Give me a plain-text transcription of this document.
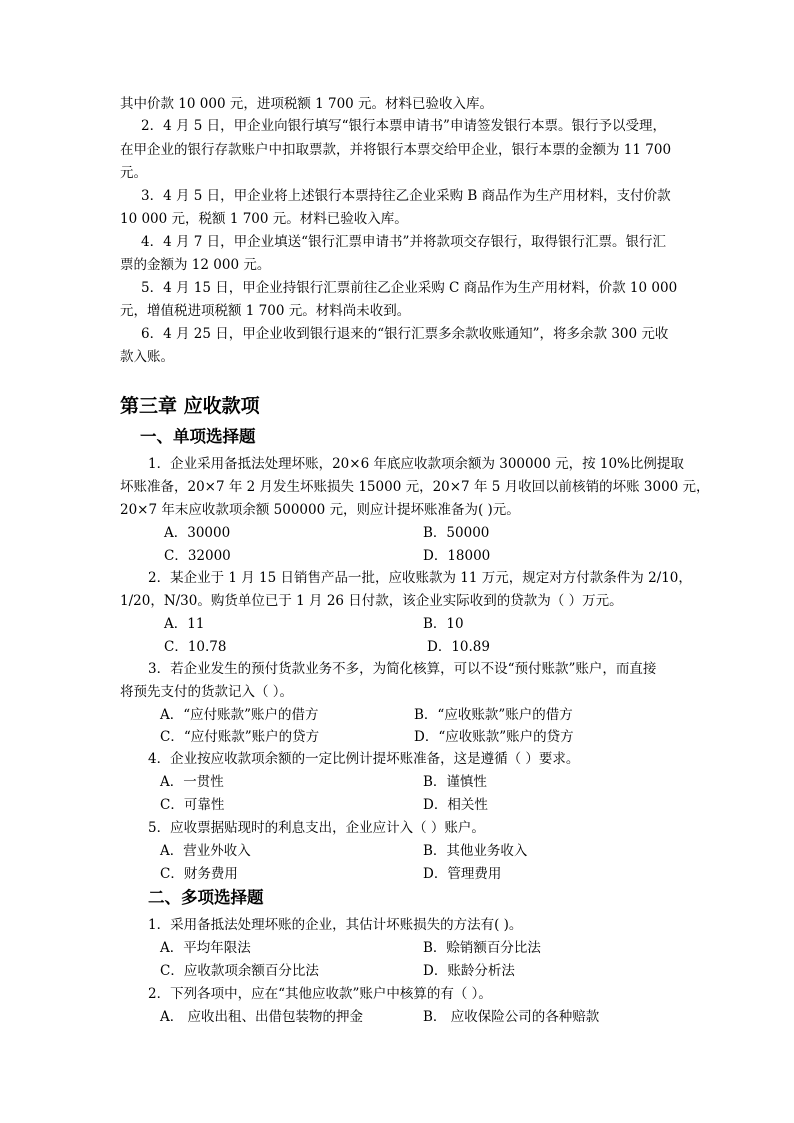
其中价款 10 000 元，进项税额 1 700 元。材料已验收入库。
2．4 月 5 日，甲企业向银行填写“银行本票申请书”申请签发银行本票。银行予以受理，
在甲企业的银行存款账户中扣取票款，并将银行本票交给甲企业，银行本票的金额为 11 700
元。
3．4 月 5 日，甲企业将上述银行本票持往乙企业采购 B 商品作为生产用材料，支付价款
10 000 元，税额 1 700 元。材料已验收入库。
4．4 月 7 日，甲企业填送“银行汇票申请书”并将款项交存银行，取得银行汇票。银行汇
票的金额为 12 000 元。
5．4 月 15 日，甲企业持银行汇票前往乙企业采购 C 商品作为生产用材料，价款 10 000
元，增值税进项税额 1 700 元。材料尚未收到。
6．4 月 25 日，甲企业收到银行退来的“银行汇票多余款收账通知”，将多余款 300 元收
款入账。
第三章 应收款项
一、单项选择题
1．企业采用备抵法处理坏账，20×6 年底应收款项余额为 300000 元，按 10%比例提取
坏账准备，20×7 年 2 月发生坏账损失 15000 元，20×7 年 5 月收回以前核销的坏账 3000 元，
20×7 年末应收款项余额 500000 元，则应计提坏账准备为( )元。
A．30000	B．50000
C．32000	D．18000
2．某企业于 1 月 15 日销售产品一批，应收账款为 11 万元，规定对方付款条件为 2/10，
1/20，N/30。购货单位已于 1 月 26 日付款，该企业实际收到的贷款为（ ）万元。
A．11	B．10
C．10.78	D．10.89
3．若企业发生的预付货款业务不多，为简化核算，可以不设“预付账款”账户，而直接
将预先支付的货款记入（ ）。
A．“应付账款”账户的借方	B．“应收账款”账户的借方
C．“应付账款”账户的贷方	D．“应收账款”账户的贷方
4．企业按应收款项余额的一定比例计提坏账准备，这是遵循（ ）要求。
A．一贯性	B．谨慎性
C．可靠性	D．相关性
5．应收票据贴现时的利息支出，企业应计入（ ）账户。
A．营业外收入	B．其他业务收入
C．财务费用	D．管理费用
二、多项选择题
1．采用备抵法处理坏账的企业，其估计坏账损失的方法有( )。
A．平均年限法	B．赊销额百分比法
C．应收款项余额百分比法	D．账龄分析法
2．下列各项中，应在“其他应收款”账户中核算的有（ ）。
A． 应收出租、出借包装物的押金	B． 应收保险公司的各种赔款
